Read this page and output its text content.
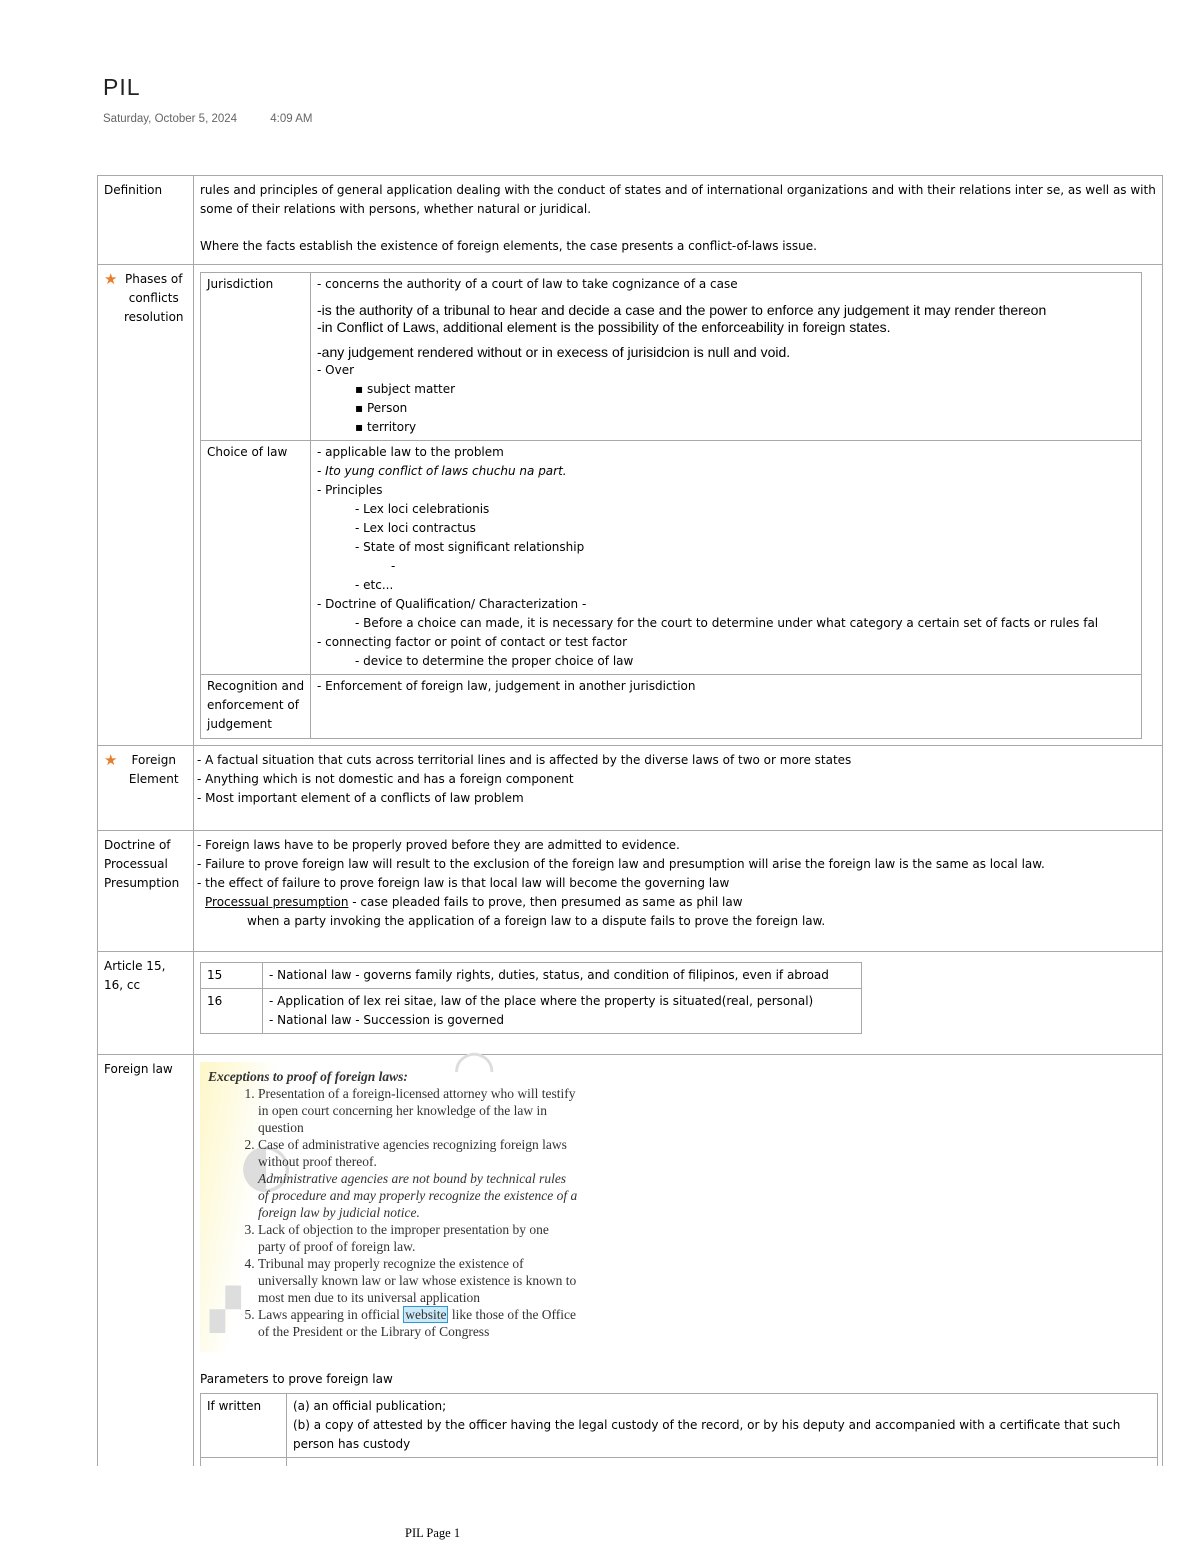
PIL
Saturday, October 5, 2024	4:09 AM
Definition	rules and principles of general application dealing with the conduct of states and of international organizations and with their relations inter se, as well as with some of their relations with persons, whether natural or juridical.
Where the facts establish the existence of foreign elements, the case presents a conflict-of-laws issue.

★ Phases of conflicts resolution

Jurisdiction	- concerns the authority of a court of law to take cognizance of a case
-is the authority of a tribunal to hear and decide a case and the power to enforce any judgement it may render thereon
-in Conflict of Laws, additional element is the possibility of the enforceability in foreign states.
-any judgement rendered without or in execess of jurisidcion is null and void.
- Over
▪ subject matter
▪ Person
▪ territory

Choice of law	- applicable law to the problem
- Ito yung conflict of laws chuchu na part.
- Principles
- Lex loci celebrationis
- Lex loci contractus
- State of most significant relationship
-
- etc...
- Doctrine of Qualification/ Characterization -
- Before a choice can made, it is necessary for the court to determine under what category a certain set of facts or rules fal
- connecting factor or point of contact or test factor
- device to determine the proper choice of law

Recognition and enforcement of judgement	- Enforcement of foreign law, judgement in another jurisdiction

★	Foreign Element

- A factual situation that cuts across territorial lines and is affected by the diverse laws of two or more states
- Anything which is not domestic and has a foreign component
- Most important element of a conflicts of law problem

Doctrine of Processual Presumption	
- Foreign laws have to be properly proved before they are admitted to evidence.
- Failure to prove foreign law will result to the exclusion of the foreign law and presumption will arise the foreign law is the same as local law.
- the effect of failure to prove foreign law is that local law will become the governing law
Processual presumption - case pleaded fails to prove, then presumed as same as phil law
when a party invoking the application of a foreign law to a dispute fails to prove the foreign law.

Article 15, 16, cc	
15	- National law - governs family rights, duties, status, and condition of filipinos, even if abroad
16	- Application of lex rei sitae, law of the place where the property is situated(real, personal)
- National law - Succession is governed

Foreign law	
◐
◠
▞
Exceptions to proof of foreign laws:
1. Presentation of a foreign-licensed attorney who will testify in open court concerning her knowledge of the law in question
2. Case of administrative agencies recognizing foreign laws without proof thereof.
Administrative agencies are not bound by technical rules of procedure and may properly recognize the existence of a foreign law by judicial notice.
3. Lack of objection to the improper presentation by one party of proof of foreign law.
4. Tribunal may properly recognize the existence of universally known law or law whose existence is known to most men due to its universal application
5. Laws appearing in official website like those of the Office of the President or the Library of Congress
Parameters to prove foreign law
If written	(a) an official publication;
(b) a copy of attested by the officer having the legal custody of the record, or by his deputy and accompanied with a certificate that such person has custody

PIL Page 1
